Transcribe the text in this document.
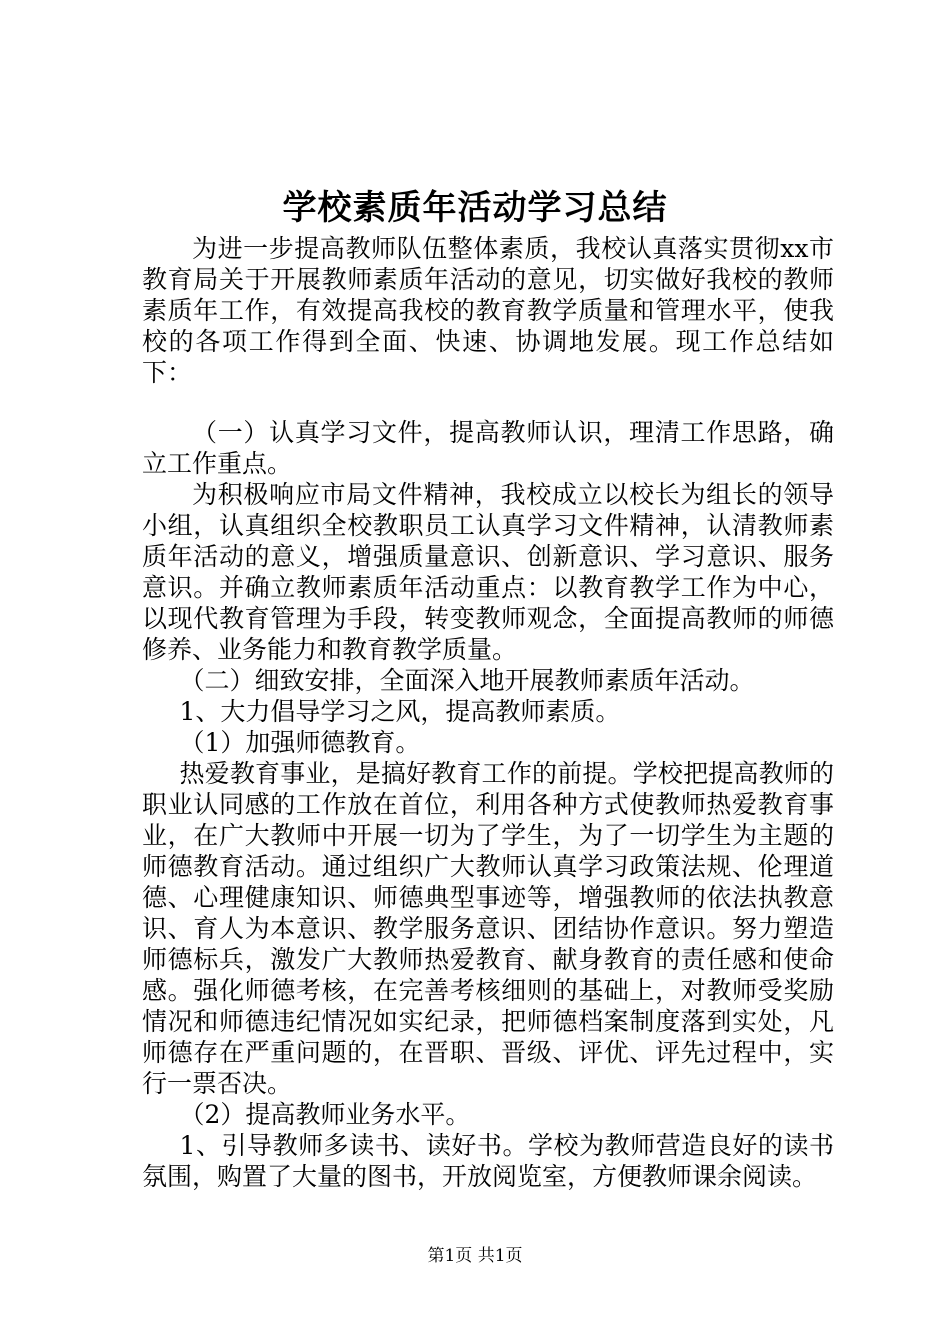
学校素质年活动学习总结

为进一步提高教师队伍整体素质，我校认真落实贯彻xx市教育局关于开展教师素质年活动的意见，切实做好我校的教师素质年工作，有效提高我校的教育教学质量和管理水平，使我校的各项工作得到全面、快速、协调地发展。现工作总结如下：

（一）认真学习文件，提高教师认识，理清工作思路，确立工作重点。

为积极响应市局文件精神，我校成立以校长为组长的领导小组，认真组织全校教职员工认真学习文件精神，认清教师素质年活动的意义，增强质量意识、创新意识、学习意识、服务意识。并确立教师素质年活动重点：以教育教学工作为中心，以现代教育管理为手段，转变教师观念，全面提高教师的师德修养、业务能力和教育教学质量。

（二）细致安排，全面深入地开展教师素质年活动。

1、大力倡导学习之风，提高教师素质。

（1）加强师德教育。

热爱教育事业，是搞好教育工作的前提。学校把提高教师的职业认同感的工作放在首位，利用各种方式使教师热爱教育事业，在广大教师中开展一切为了学生，为了一切学生为主题的师德教育活动。通过组织广大教师认真学习政策法规、伦理道德、心理健康知识、师德典型事迹等，增强教师的依法执教意识、育人为本意识、教学服务意识、团结协作意识。努力塑造师德标兵，激发广大教师热爱教育、献身教育的责任感和使命感。强化师德考核，在完善考核细则的基础上，对教师受奖励情况和师德违纪情况如实纪录，把师德档案制度落到实处，凡师德存在严重问题的，在晋职、晋级、评优、评先过程中，实行一票否决。

（2）提高教师业务水平。

1、引导教师多读书、读好书。学校为教师营造良好的读书氛围，购置了大量的图书，开放阅览室，方便教师课余阅读。

第1页 共1页
